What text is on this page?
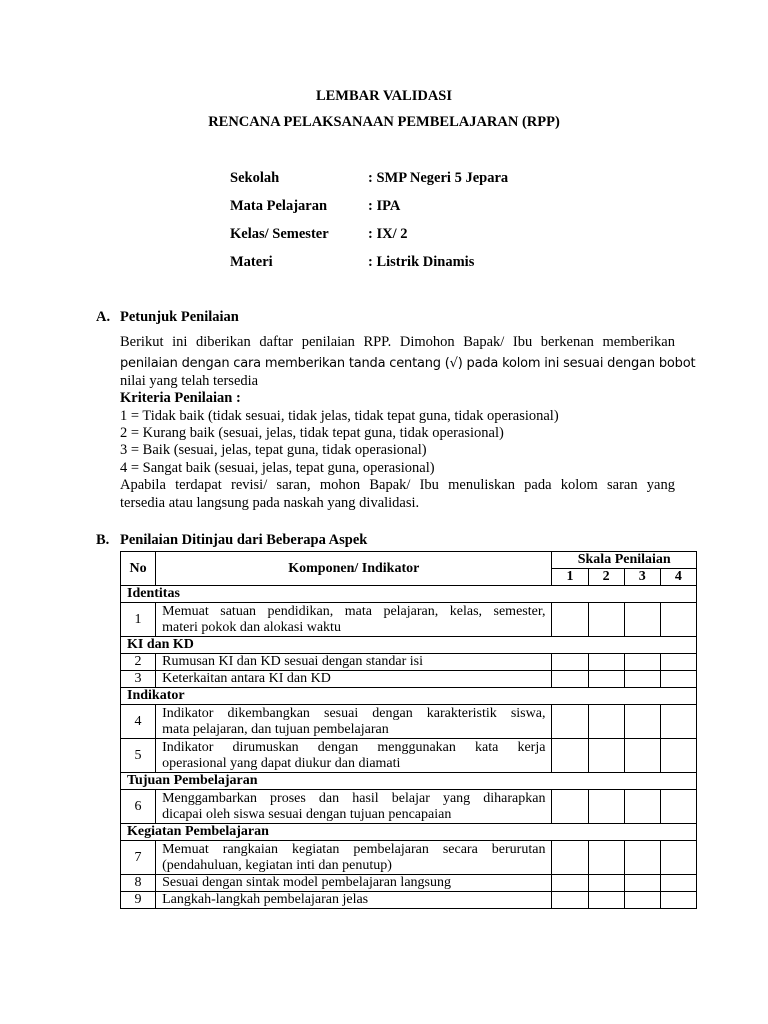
LEMBAR VALIDASI
RENCANA PELAKSANAAN PEMBELAJARAN (RPP)
Sekolah	: SMP Negeri 5 Jepara
Mata Pelajaran	: IPA
Kelas/ Semester	: IX/ 2
Materi	: Listrik Dinamis
A. Petunjuk Penilaian

Berikut ini diberikan daftar penilaian RPP. Dimohon Bapak/ Ibu berkenan memberikan

penilaian dengan cara memberikan tanda centang (√) pada kolom ini sesuai dengan bobot

nilai yang telah tersedia

Kriteria Penilaian :

1 = Tidak baik (tidak sesuai, tidak jelas, tidak tepat guna, tidak operasional)

2 = Kurang baik (sesuai, jelas, tidak tepat guna, tidak operasional)

3 = Baik (sesuai, jelas, tepat guna, tidak operasional)

4 = Sangat baik (sesuai, jelas, tepat guna, operasional)

Apabila terdapat revisi/ saran, mohon Bapak/ Ibu menuliskan pada kolom saran yang

tersedia atau langsung pada naskah yang divalidasi.

B. Penilaian Ditinjau dari Beberapa Aspek
No	Komponen/ Indikator	Skala Penilaian			
		1	2	3	4
Identitas					
1	Memuat satuan pendidikan, mata pelajaran, kelas, semester,
materi pokok dan alokasi waktu				

KI dan KD					
2	Rumusan KI dan KD sesuai dengan standar isi				
3	Keterkaitan antara KI dan KD				
Indikator					
4	Indikator dikembangkan sesuai dengan karakteristik siswa,
mata pelajaran, dan tujuan pembelajaran				

5	Indikator dirumuskan dengan menggunakan kata kerja
operasional yang dapat diukur dan diamati				

Tujuan Pembelajaran					
6	Menggambarkan proses dan hasil belajar yang diharapkan
dicapai oleh siswa sesuai dengan tujuan pencapaian				

Kegiatan Pembelajaran					
7	Memuat rangkaian kegiatan pembelajaran secara berurutan
(pendahuluan, kegiatan inti dan penutup)				

8	Sesuai dengan sintak model pembelajaran langsung				
9	Langkah-langkah pembelajaran jelas				
